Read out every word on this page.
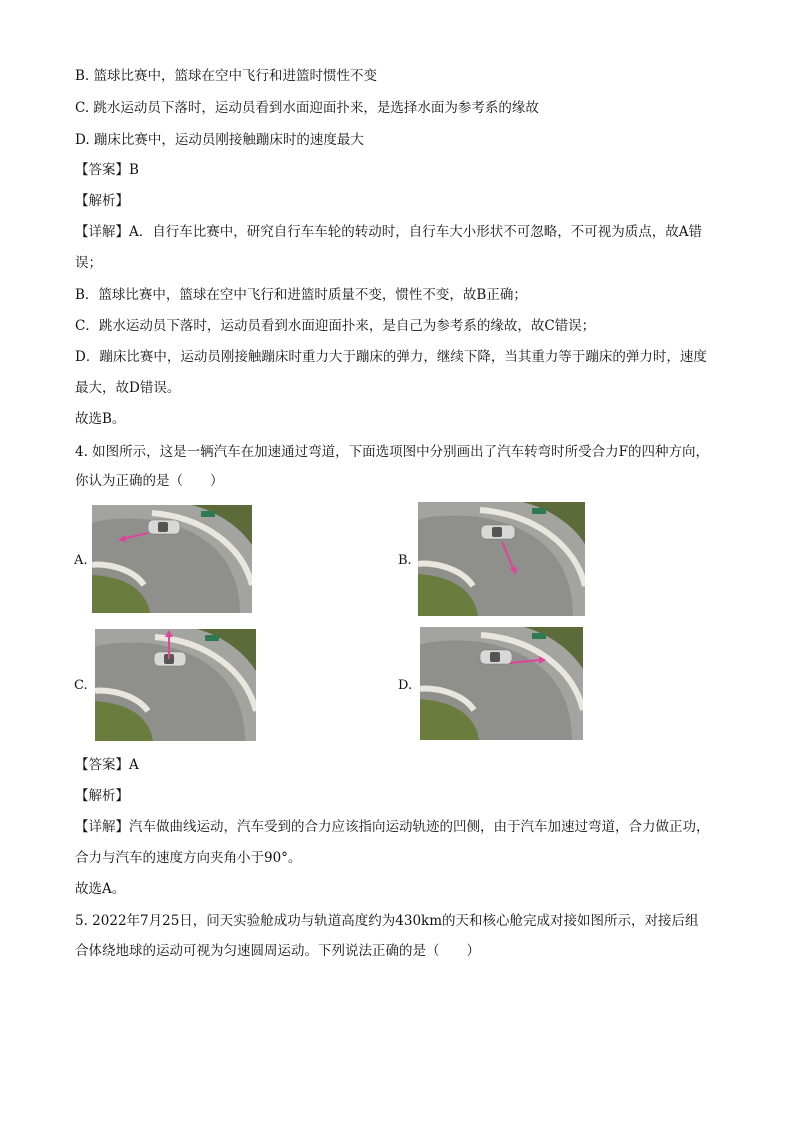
B. 篮球比赛中，篮球在空中飞行和进篮时惯性不变
C. 跳水运动员下落时，运动员看到水面迎面扑来，是选择水面为参考系的缘故
D. 蹦床比赛中，运动员刚接触蹦床时的速度最大
【答案】B
【解析】
【详解】A．自行车比赛中，研究自行车车轮的转动时，自行车大小形状不可忽略，不可视为质点，故A错
误；
B．篮球比赛中，篮球在空中飞行和进篮时质量不变，惯性不变，故B正确；
C．跳水运动员下落时，运动员看到水面迎面扑来，是自己为参考系的缘故，故C错误；
D．蹦床比赛中，运动员刚接触蹦床时重力大于蹦床的弹力，继续下降，当其重力等于蹦床的弹力时，速度
最大，故D错误。
故选B。
4. 如图所示，这是一辆汽车在加速通过弯道，下面选项图中分别画出了汽车转弯时所受合力F的四种方向，
你认为正确的是（　　）
A.	B.
C.	D.
【答案】A
【解析】
【详解】汽车做曲线运动，汽车受到的合力应该指向运动轨迹的凹侧，由于汽车加速过弯道，合力做正功，
合力与汽车的速度方向夹角小于90°。
故选A。
5. 2022年7月25日，问天实验舱成功与轨道高度约为430km的天和核心舱完成对接如图所示，对接后组
合体绕地球的运动可视为匀速圆周运动。下列说法正确的是（　　）
